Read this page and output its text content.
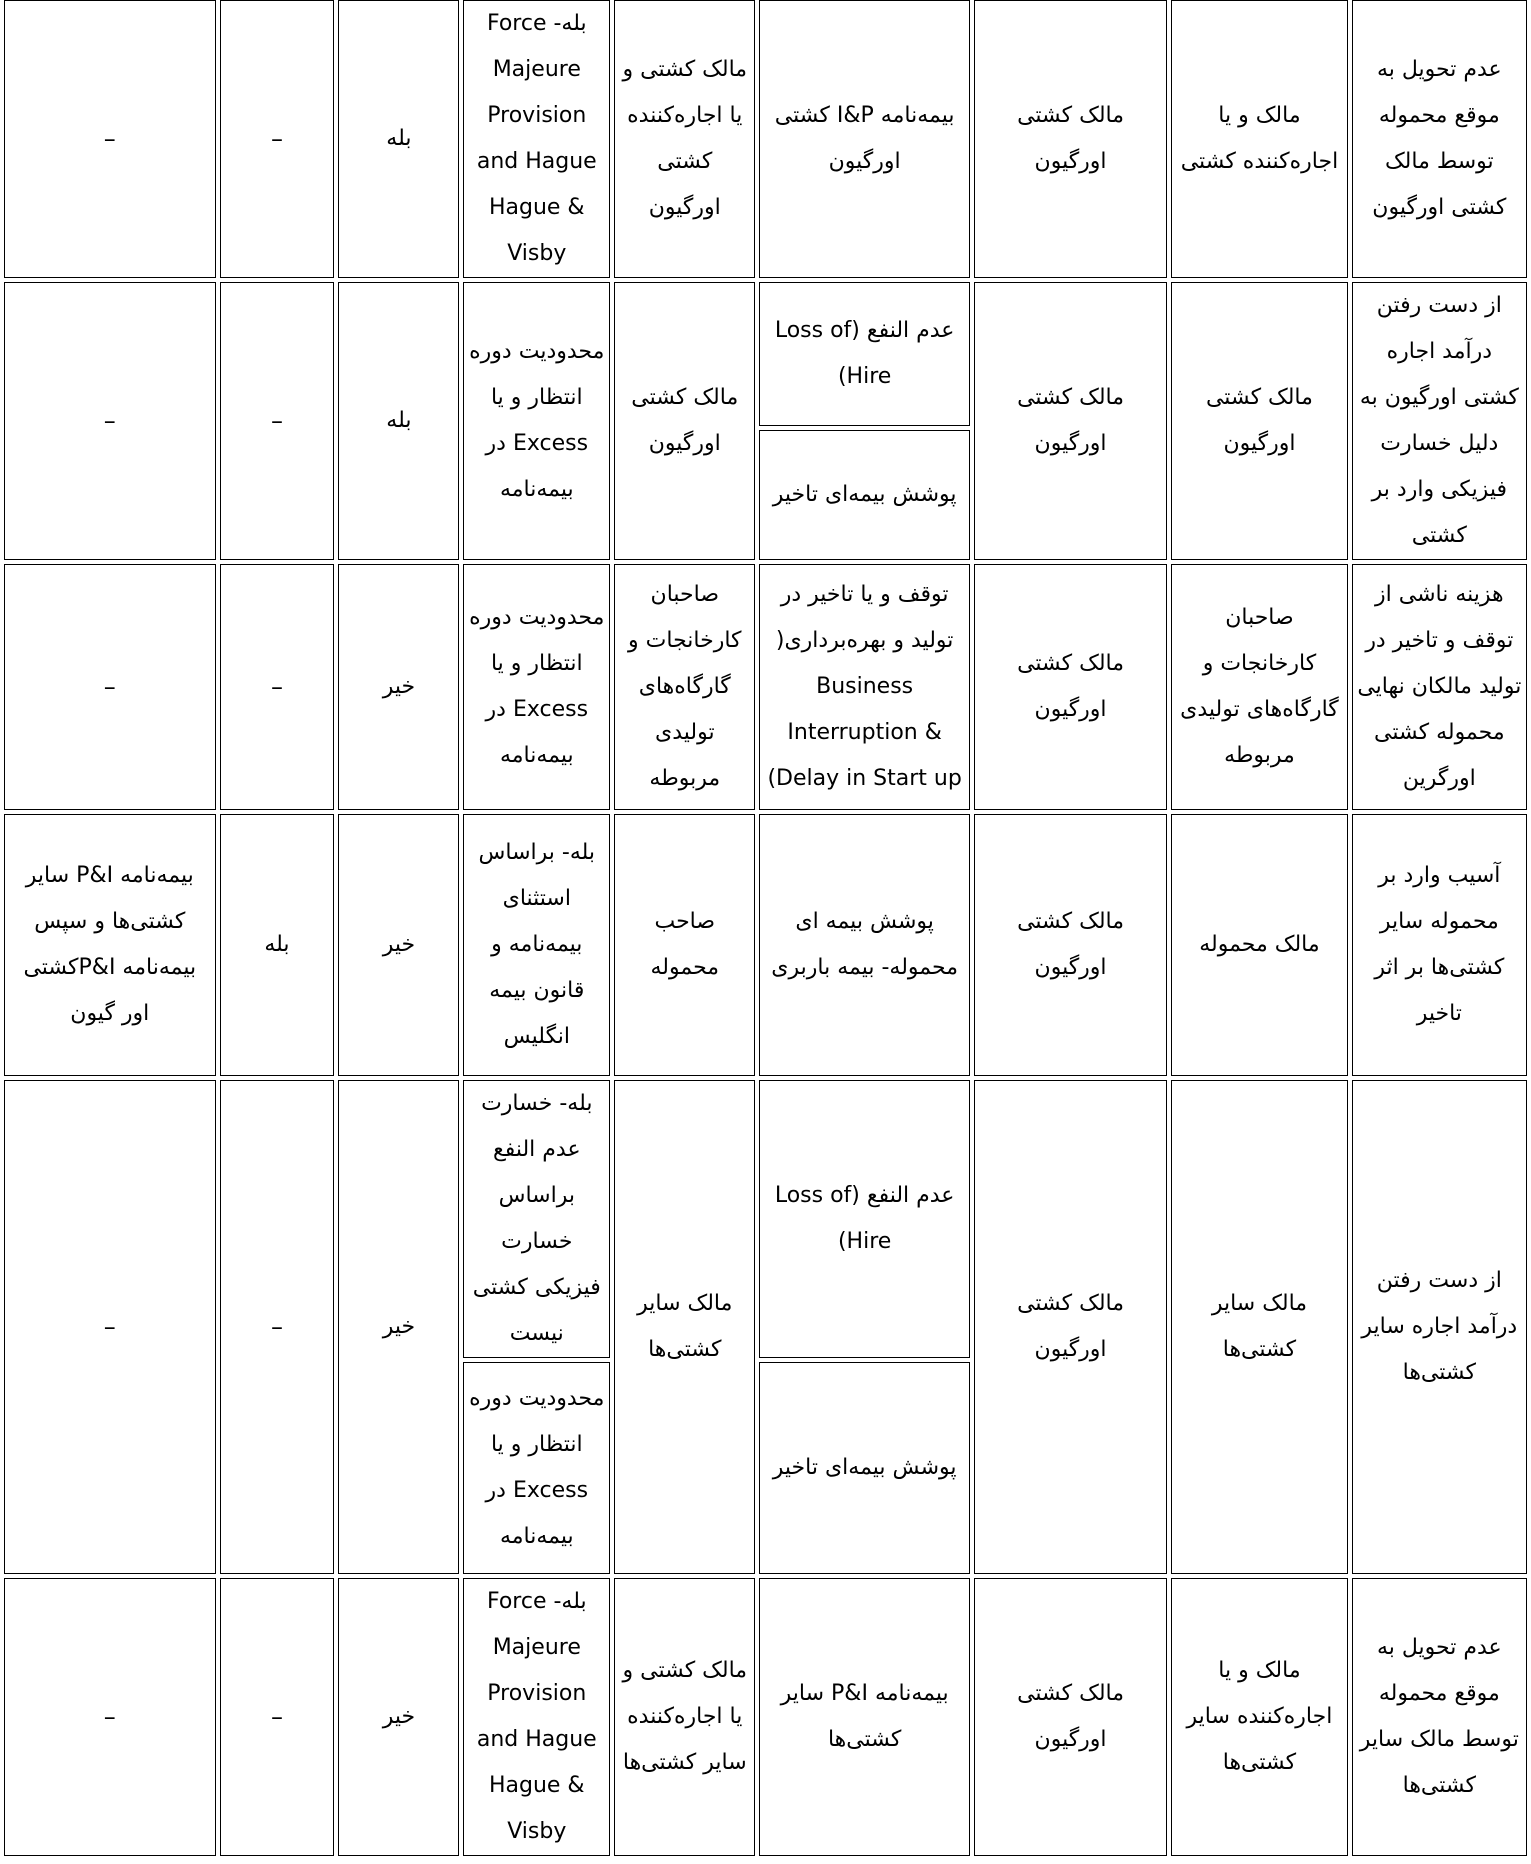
عدم تحویل به موقع محموله توسط مالک کشتی اورگیون	مالک و یا اجاره‌کننده کشتی	مالک کشتی اورگیون	بیمه‌نامه I&P کشتی اورگیون	مالک کشتی و یا اجاره‌کننده کشتی اورگیون	بله- Force Majeure Provision and Hague Hague & Visby	بله	–	–
از دست رفتن درآمد اجاره کشتی اورگیون به دلیل خسارت فیزیکی وارد بر کشتی	مالک کشتی اورگیون	مالک کشتی اورگیون	عدم النفع (Loss of Hire)	مالک کشتی اورگیون	محدودیت دوره انتظار و یا Excess در بیمه‌نامه	بله	–	–
			پوشش بیمه‌ای تاخیر					
هزینه ناشی از توقف و تاخیر در تولید مالکان نهایی محموله کشتی اورگرین	صاحبان کارخانجات و گارگاه‌های تولیدی مربوطه	مالک کشتی اورگیون	توقف و یا تاخیر در تولید و بهره‌برداری( Business Interruption & Delay in Start up)	صاحبان کارخانجات و گارگاه‌های تولیدی مربوطه	محدودیت دوره انتظار و یا Excess در بیمه‌نامه	خیر	–	–
آسیب وارد بر محموله سایر کشتی‌ها بر اثر تاخیر	مالک محموله	مالک کشتی اورگیون	پوشش بیمه ای محموله- بیمه باربری	صاحب محموله	بله- براساس استثنای بیمه‌نامه و قانون بیمه انگلیس	خیر	بله	بیمه‌نامه P&I سایر کشتی‌ها و سپس بیمه‌نامه P&Iکشتی اور گیون
از دست رفتن درآمد اجاره سایر کشتی‌ها	مالک سایر کشتی‌ها	مالک کشتی اورگیون	عدم النفع (Loss of Hire)	مالک سایر کشتی‌ها	بله- خسارت عدم النفع براساس خسارت فیزیکی کشتی نیست	خیر	–	–
			پوشش بیمه‌ای تاخیر		محدودیت دوره انتظار و یا Excess در بیمه‌نامه			
عدم تحویل به موقع محموله توسط مالک سایر کشتی‌ها	مالک و یا اجاره‌کننده سایر کشتی‌ها	مالک کشتی اورگیون	بیمه‌نامه P&I سایر کشتی‌ها	مالک کشتی و یا اجاره‌کننده سایر کشتی‌ها	بله- Force Majeure Provision and Hague Hague & Visby	خیر	–	–
